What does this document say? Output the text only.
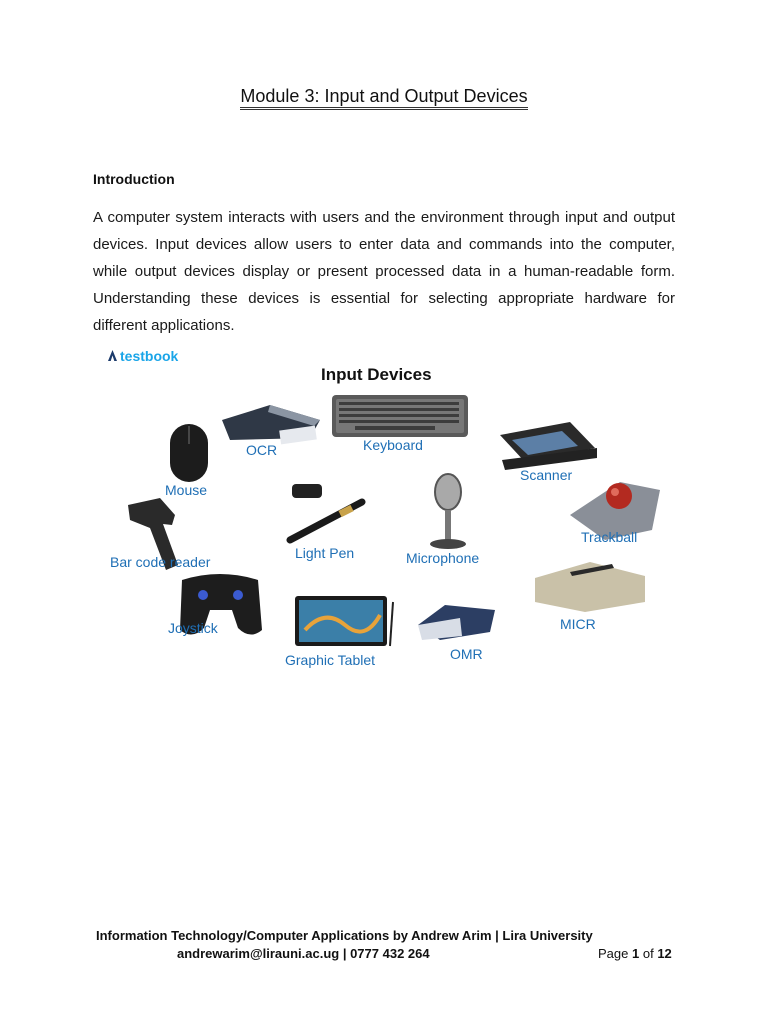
Module 3: Input and Output Devices
Introduction
A computer system interacts with users and the environment through input and output devices. Input devices allow users to enter data and commands into the computer, while output devices display or present processed data in a human-readable form. Understanding these devices is essential for selecting appropriate hardware for different applications.
testbook
Input Devices
Keyboard
OCR
Mouse
Scanner
Trackball
Light Pen	Microphone
Bar code reader
Joystick	MICR
Graphic Tablet	OMR
Information Technology/Computer Applications by Andrew Arim | Lira University
andrewarim@lirauni.ac.ug | 0777 432 264	Page 1 of 12
